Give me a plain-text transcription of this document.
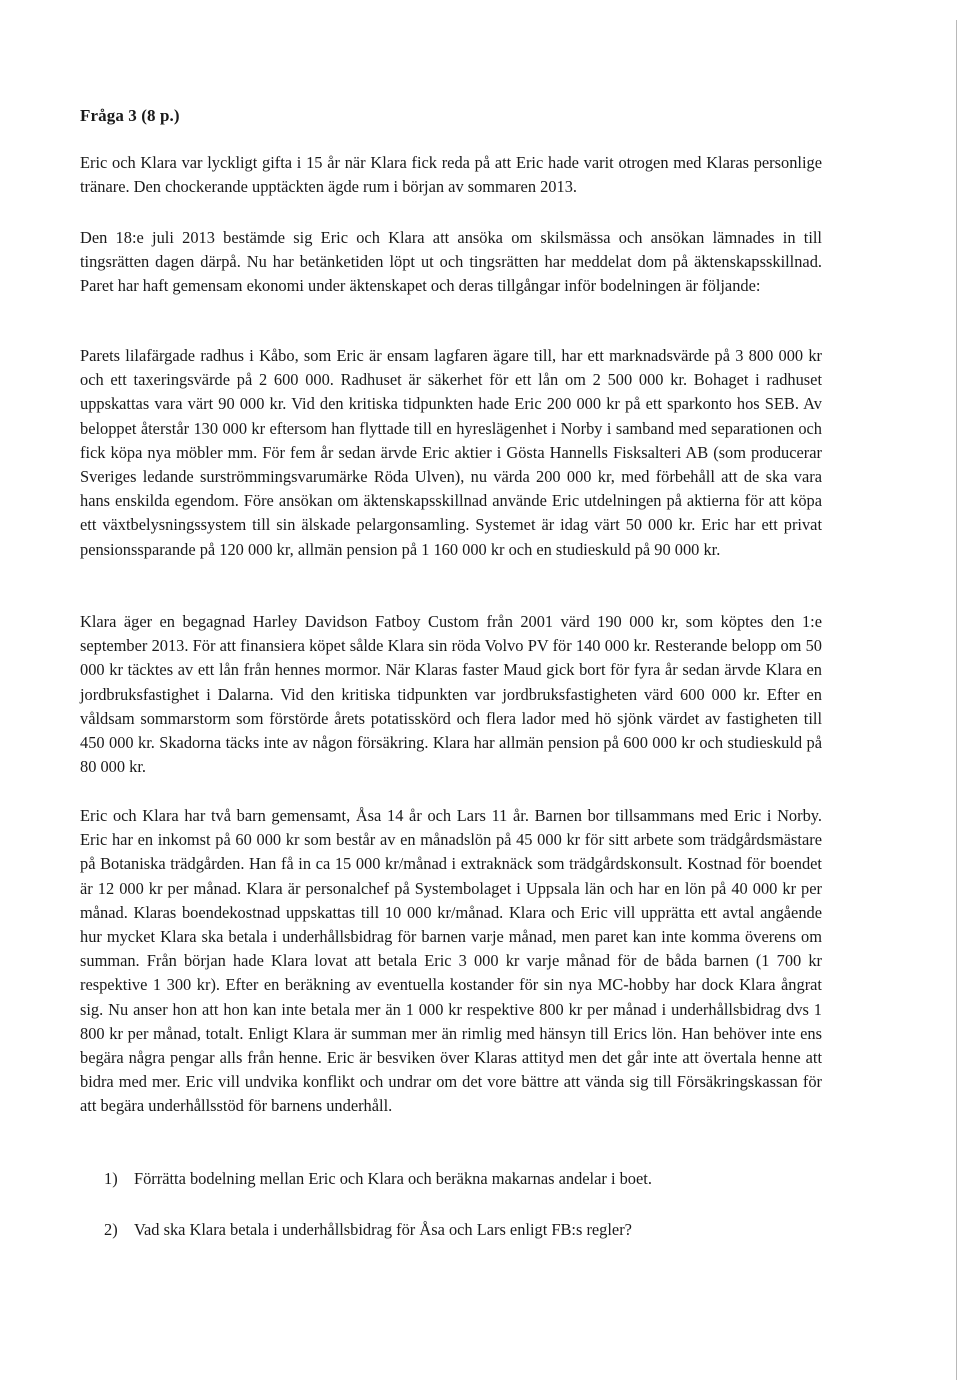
Fråga 3 (8 p.)

Eric och Klara var lyckligt gifta i 15 år när Klara fick reda på att Eric hade varit otrogen med Klaras personlige tränare. Den chockerande upptäckten ägde rum i början av sommaren 2013.

Den 18:e juli 2013 bestämde sig Eric och Klara att ansöka om skilsmässa och ansökan lämnades in till tingsrätten dagen därpå. Nu har betänketiden löpt ut och tingsrätten har meddelat dom på äktenskapsskillnad. Paret har haft gemensam ekonomi under äktenskapet och deras tillgångar inför bodelningen är följande:

Parets lilafärgade radhus i Kåbo, som Eric är ensam lagfaren ägare till, har ett marknadsvärde på 3 800 000 kr och ett taxeringsvärde på 2 600 000. Radhuset är säkerhet för ett lån om 2 500 000 kr. Bohaget i radhuset uppskattas vara värt 90 000 kr. Vid den kritiska tidpunkten hade Eric 200 000 kr på ett sparkonto hos SEB. Av beloppet återstår 130 000 kr eftersom han flyttade till en hyreslägenhet i Norby i samband med separationen och fick köpa nya möbler mm. För fem år sedan ärvde Eric aktier i Gösta Hannells Fisksalteri AB (som producerar Sveriges ledande surströmmingsvarumärke Röda Ulven), nu värda 200 000 kr, med förbehåll att de ska vara hans enskilda egendom. Före ansökan om äktenskapsskillnad använde Eric utdelningen på aktierna för att köpa ett växtbelysningssystem till sin älskade pelargonsamling. Systemet är idag värt 50 000 kr. Eric har ett privat pensionssparande på 120 000 kr, allmän pension på 1 160 000 kr och en studieskuld på 90 000 kr.

Klara äger en begagnad Harley Davidson Fatboy Custom från 2001 värd 190 000 kr, som köptes den 1:e september 2013. För att finansiera köpet sålde Klara sin röda Volvo PV för 140 000 kr. Resterande belopp om 50 000 kr täcktes av ett lån från hennes mormor. När Klaras faster Maud gick bort för fyra år sedan ärvde Klara en jordbruksfastighet i Dalarna. Vid den kritiska tidpunkten var jordbruksfastigheten värd 600 000 kr. Efter en våldsam sommarstorm som förstörde årets potatisskörd och flera lador med hö sjönk värdet av fastigheten till 450 000 kr. Skadorna täcks inte av någon försäkring. Klara har allmän pension på 600 000 kr och studieskuld på 80 000 kr.

Eric och Klara har två barn gemensamt, Åsa 14 år och Lars 11 år. Barnen bor tillsammans med Eric i Norby. Eric har en inkomst på 60 000 kr som består av en månadslön på 45 000 kr för sitt arbete som trädgårdsmästare på Botaniska trädgården. Han få in ca 15 000 kr/månad i extraknäck som trädgårdskonsult. Kostnad för boendet är 12 000 kr per månad. Klara är personalchef på Systembolaget i Uppsala län och har en lön på 40 000 kr per månad. Klaras boendekostnad uppskattas till 10 000 kr/månad. Klara och Eric vill upprätta ett avtal angående hur mycket Klara ska betala i underhållsbidrag för barnen varje månad, men paret kan inte komma överens om summan. Från början hade Klara lovat att betala Eric 3 000 kr varje månad för de båda barnen (1 700 kr respektive 1 300 kr). Efter en beräkning av eventuella kostander för sin nya MC-hobby har dock Klara ångrat sig. Nu anser hon att hon kan inte betala mer än 1 000 kr respektive 800 kr per månad i underhållsbidrag dvs 1 800 kr per månad, totalt. Enligt Klara är summan mer än rimlig med hänsyn till Erics lön. Han behöver inte ens begära några pengar alls från henne. Eric är besviken över Klaras attityd men det går inte att övertala henne att bidra med mer. Eric vill undvika konflikt och undrar om det vore bättre att vända sig till Försäkringskassan för att begära underhållsstöd för barnens underhåll.

1) Förrätta bodelning mellan Eric och Klara och beräkna makarnas andelar i boet.
2) Vad ska Klara betala i underhållsbidrag för Åsa och Lars enligt FB:s regler?
